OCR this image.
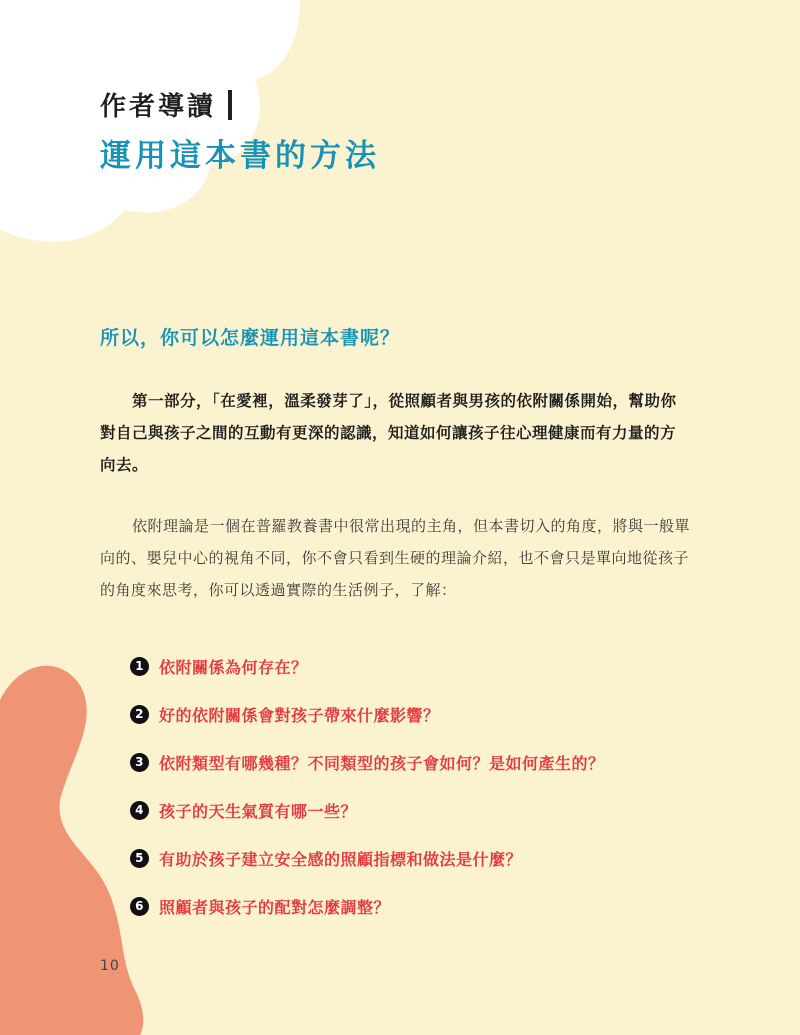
作者導讀
運用這本書的方法
所以，你可以怎麼運用這本書呢？

第一部分，「在愛裡，溫柔發芽了」，從照顧者與男孩的依附關係開始，幫助你對自己與孩子之間的互動有更深的認識，知道如何讓孩子往心理健康而有力量的方向去。

依附理論是一個在普羅教養書中很常出現的主角，但本書切入的角度，將與一般單向的、嬰兒中心的視角不同，你不會只看到生硬的理論介紹，也不會只是單向地從孩子的角度來思考，你可以透過實際的生活例子，了解：

1 依附關係為何存在？
2 好的依附關係會對孩子帶來什麼影響？
3 依附類型有哪幾種？不同類型的孩子會如何？是如何產生的？
4 孩子的天生氣質有哪一些？
5 有助於孩子建立安全感的照顧指標和做法是什麼？
6 照顧者與孩子的配對怎麼調整？
10
